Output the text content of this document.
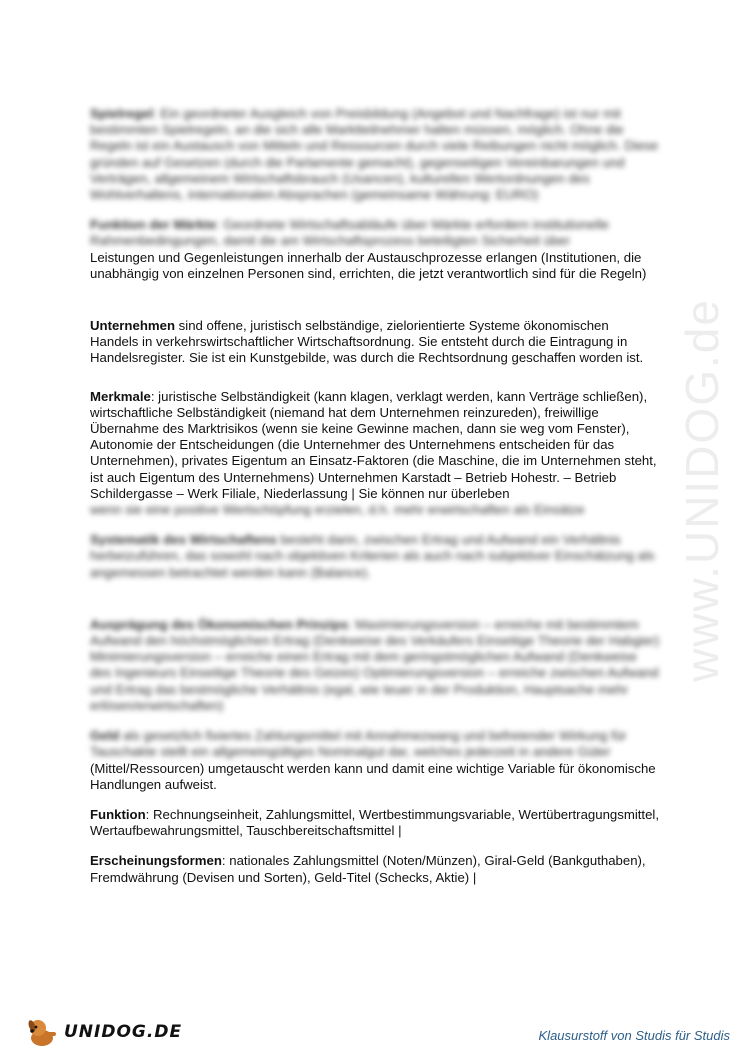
www.UNIDOG.de

Spielregel: Ein geordneter Ausgleich von Preisbildung (Angebot und Nachfrage) ist nur mit bestimmten Spielregeln, an die sich alle Marktteilnehmer halten müssen, möglich. Ohne die Regeln ist ein Austausch von Mitteln und Ressourcen durch viele Reibungen nicht möglich. Diese gründen auf Gesetzen (durch die Parlamente gemacht), gegenseitigen Vereinbarungen und Verträgen, allgemeinem Wirtschaftsbrauch (Usancen), kulturellen Wertordnungen des Wohlverhaltens, internationalen Absprachen (gemeinsame Währung: EURO)

Funktion der Märkte: Geordnete Wirtschaftsabläufe über Märkte erfordern institutionelle Rahmenbedingungen, damit die am Wirtschaftsprozess beteiligten Sicherheit über
Leistungen und Gegenleistungen innerhalb der Austauschprozesse erlangen (Institutionen, die unabhängig von einzelnen Personen sind, errichten, die jetzt verantwortlich sind für die Regeln)

Unternehmen sind offene, juristisch selbständige, zielorientierte Systeme ökonomischen Handels in verkehrswirtschaftlicher Wirtschaftsordnung. Sie entsteht durch die Eintragung in Handelsregister. Sie ist ein Kunstgebilde, was durch die Rechtsordnung geschaffen worden ist.

Merkmale: juristische Selbständigkeit (kann klagen, verklagt werden, kann Verträge schließen), wirtschaftliche Selbständigkeit (niemand hat dem Unternehmen reinzureden), freiwillige Übernahme des Marktrisikos (wenn sie keine Gewinne machen, dann sie weg vom Fenster), Autonomie der Entscheidungen (die Unternehmer des Unternehmens entscheiden für das Unternehmen), privates Eigentum an Einsatz-Faktoren (die Maschine, die im Unternehmen steht, ist auch Eigentum des Unternehmens) Unternehmen Karstadt – Betrieb Hohestr. – Betrieb Schildergasse – Werk Filiale, Niederlassung | Sie können nur überleben
wenn sie eine positive Wertschöpfung erzielen, d.h. mehr erwirtschaften als Einsätze

Systematik des Wirtschaftens besteht darin, zwischen Ertrag und Aufwand ein Verhältnis herbeizuführen, das sowohl nach objektiven Kriterien als auch nach subjektiver Einschätzung als angemessen betrachtet werden kann (Balance).

Ausprägung des Ökonomischen Prinzips: Maximierungsversion – erreiche mit bestimmtem Aufwand den höchstmöglichen Ertrag (Denkweise des Verkäufers Einseitige Theorie der Habgier) Minimierungsversion – erreiche einen Ertrag mit dem geringstmöglichen Aufwand (Denkweise des Ingenieurs Einseitige Theorie des Geizes) Optimierungsversion – erreiche zwischen Aufwand und Ertrag das bestmögliche Verhältnis (egal, wie teuer in der Produktion, Hauptsache mehr erlösen/erwirtschaften)

Geld als gesetzlich fixiertes Zahlungsmittel mit Annahmezwang und befreiender Wirkung für Tauschakte stellt ein allgemeingültiges Nominalgut dar, welches jederzeit in andere Güter
(Mittel/Ressourcen) umgetauscht werden kann und damit eine wichtige Variable für ökonomische Handlungen aufweist.

Funktion: Rechnungseinheit, Zahlungsmittel, Wertbestimmungsvariable, Wertübertragungsmittel, Wertaufbewahrungsmittel, Tauschbereitschaftsmittel |

Erscheinungsformen: nationales Zahlungsmittel (Noten/Münzen), Giral-Geld (Bankguthaben), Fremdwährung (Devisen und Sorten), Geld-Titel (Schecks, Aktie) |

UNIDOG.DE	Klausurstoff von Studis für Studis
